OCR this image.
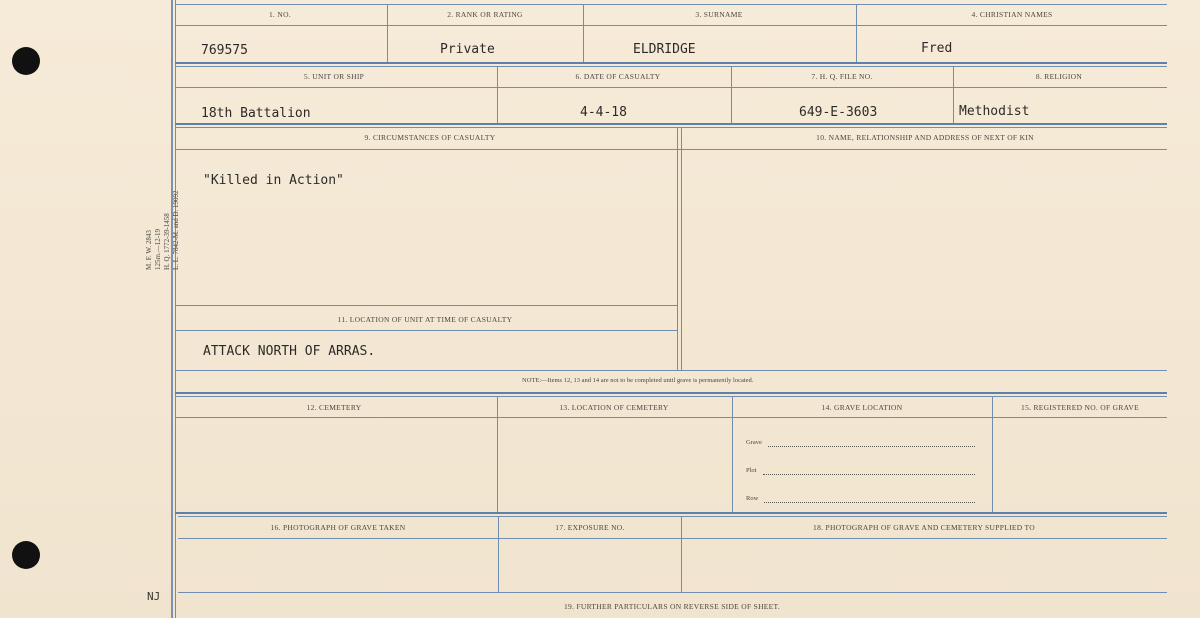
M. F. W. 2843 125m.—12-19 H. Q. 1772-39-1458 L. L. 7842-M. and D. 19092
NJ
1. NO.	2. RANK OR RATING	3. SURNAME	4. CHRISTIAN NAMES
769575	Private	ELDRIDGE	Fred
5. UNIT OR SHIP	6. DATE OF CASUALTY	7. H. Q. FILE NO.	8. RELIGION
18th Battalion	4-4-18	649-E-3603	Methodist
9. CIRCUMSTANCES OF CASUALTY	10. NAME, RELATIONSHIP AND ADDRESS OF NEXT OF KIN
"Killed in Action"
11. LOCATION OF UNIT AT TIME OF CASUALTY
ATTACK NORTH OF ARRAS.
NOTE:—Items 12, 13 and 14 are not to be completed until grave is permanently located.
12. CEMETERY	13. LOCATION OF CEMETERY	14. GRAVE LOCATION	15. REGISTERED NO. OF GRAVE
Grave
Plot
Row
16. PHOTOGRAPH OF GRAVE TAKEN	17. EXPOSURE NO.	18. PHOTOGRAPH OF GRAVE AND CEMETERY SUPPLIED TO
19. FURTHER PARTICULARS ON REVERSE SIDE OF SHEET.
